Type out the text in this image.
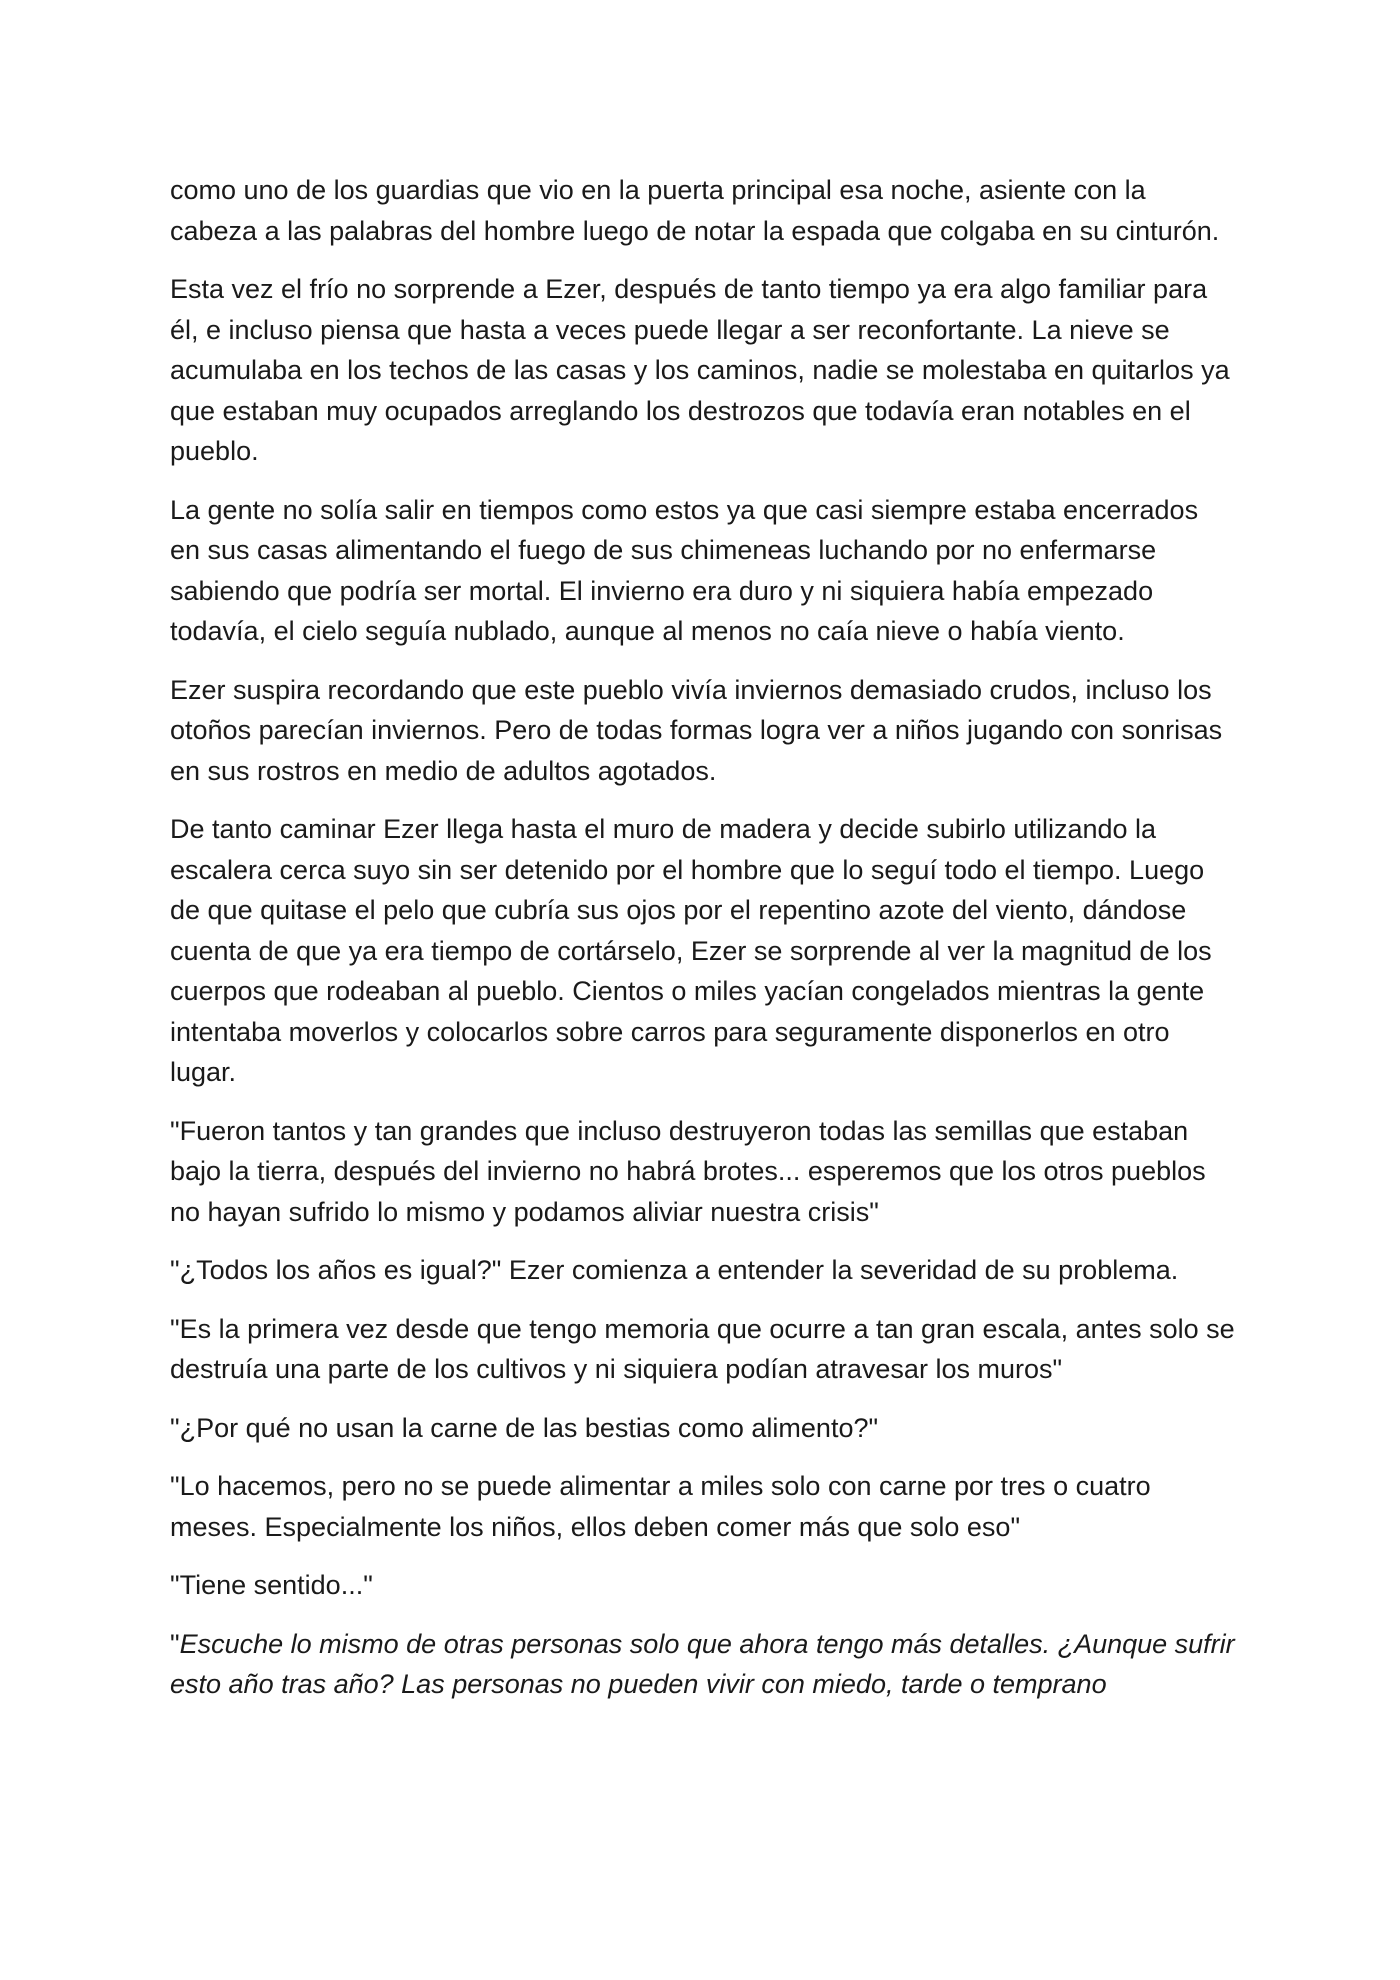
como uno de los guardias que vio en la puerta principal esa noche, asiente con la cabeza a las palabras del hombre luego de notar la espada que colgaba en su cinturón.

Esta vez el frío no sorprende a Ezer, después de tanto tiempo ya era algo familiar para él, e incluso piensa que hasta a veces puede llegar a ser reconfortante. La nieve se acumulaba en los techos de las casas y los caminos, nadie se molestaba en quitarlos ya que estaban muy ocupados arreglando los destrozos que todavía eran notables en el pueblo.

La gente no solía salir en tiempos como estos ya que casi siempre estaba encerrados en sus casas alimentando el fuego de sus chimeneas luchando por no enfermarse sabiendo que podría ser mortal. El invierno era duro y ni siquiera había empezado todavía, el cielo seguía nublado, aunque al menos no caía nieve o había viento.

Ezer suspira recordando que este pueblo vivía inviernos demasiado crudos, incluso los otoños parecían inviernos. Pero de todas formas logra ver a niños jugando con sonrisas en sus rostros en medio de adultos agotados.

De tanto caminar Ezer llega hasta el muro de madera y decide subirlo utilizando la escalera cerca suyo sin ser detenido por el hombre que lo seguí todo el tiempo. Luego de que quitase el pelo que cubría sus ojos por el repentino azote del viento, dándose cuenta de que ya era tiempo de cortárselo, Ezer se sorprende al ver la magnitud de los cuerpos que rodeaban al pueblo. Cientos o miles yacían congelados mientras la gente intentaba moverlos y colocarlos sobre carros para seguramente disponerlos en otro lugar.

"Fueron tantos y tan grandes que incluso destruyeron todas las semillas que estaban bajo la tierra, después del invierno no habrá brotes... esperemos que los otros pueblos no hayan sufrido lo mismo y podamos aliviar nuestra crisis"

"¿Todos los años es igual?" Ezer comienza a entender la severidad de su problema.

"Es la primera vez desde que tengo memoria que ocurre a tan gran escala, antes solo se destruía una parte de los cultivos y ni siquiera podían atravesar los muros"

"¿Por qué no usan la carne de las bestias como alimento?"

"Lo hacemos, pero no se puede alimentar a miles solo con carne por tres o cuatro meses. Especialmente los niños, ellos deben comer más que solo eso"

"Tiene sentido..."

"Escuche lo mismo de otras personas solo que ahora tengo más detalles. ¿Aunque sufrir esto año tras año? Las personas no pueden vivir con miedo, tarde o temprano
